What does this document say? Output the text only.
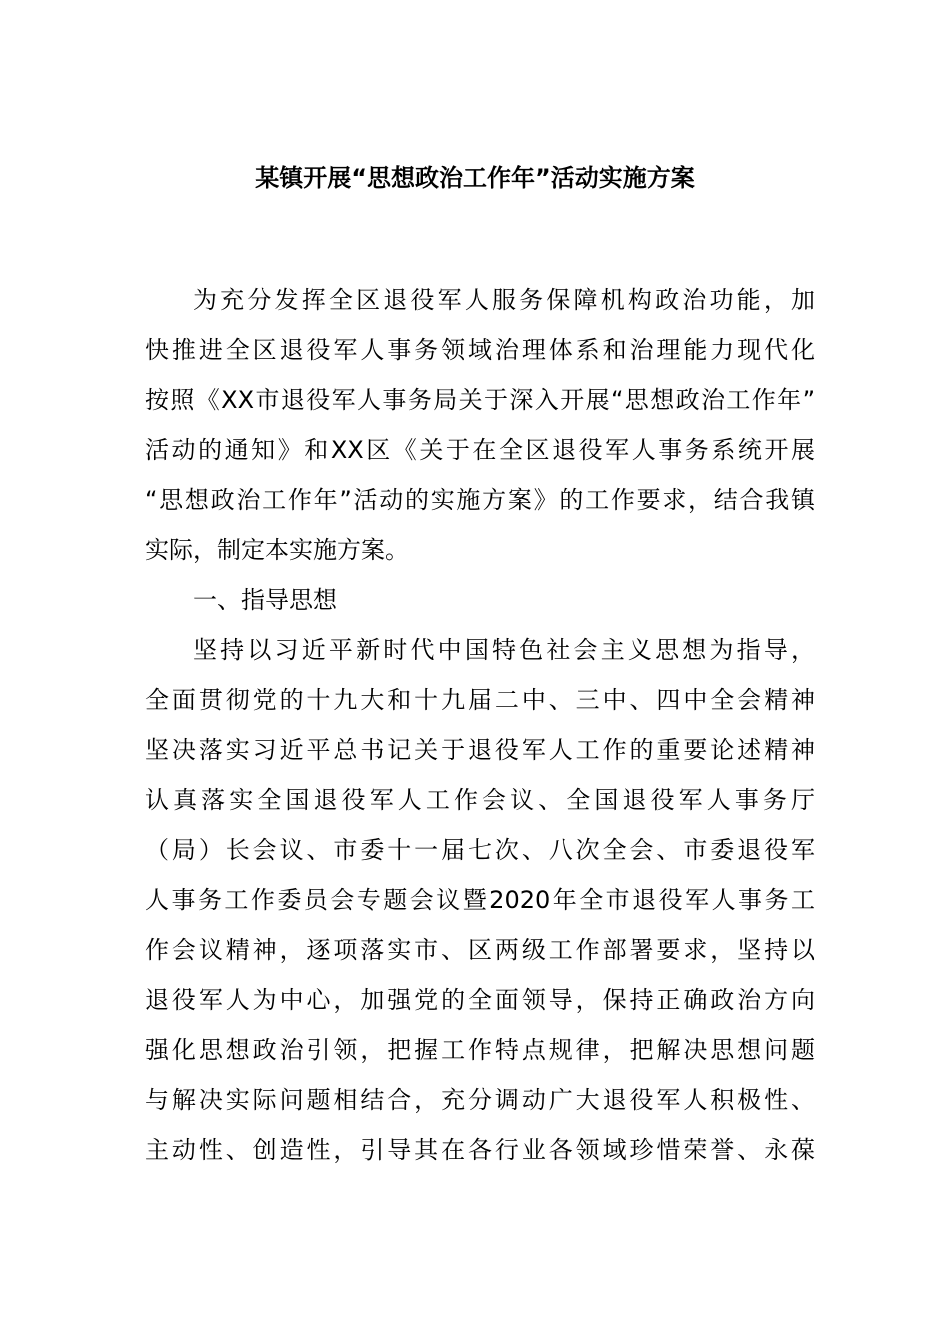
某镇开展“思想政治工作年”活动实施方案
为充分发挥全区退役军人服务保障机构政治功能，加
快推进全区退役军人事务领域治理体系和治理能力现代化
按照《XX市退役军人事务局关于深入开展“思想政治工作年”
活动的通知》和XX区《关于在全区退役军人事务系统开展
“思想政治工作年”活动的实施方案》的工作要求，结合我镇
实际，制定本实施方案。
一、指导思想
坚持以习近平新时代中国特色社会主义思想为指导，
全面贯彻党的十九大和十九届二中、三中、四中全会精神
坚决落实习近平总书记关于退役军人工作的重要论述精神
认真落实全国退役军人工作会议、全国退役军人事务厅
（局）长会议、市委十一届七次、八次全会、市委退役军
人事务工作委员会专题会议暨2020年全市退役军人事务工
作会议精神，逐项落实市、区两级工作部署要求，坚持以
退役军人为中心，加强党的全面领导，保持正确政治方向
强化思想政治引领，把握工作特点规律，把解决思想问题
与解决实际问题相结合，充分调动广大退役军人积极性、
主动性、创造性，引导其在各行业各领域珍惜荣誉、永葆
